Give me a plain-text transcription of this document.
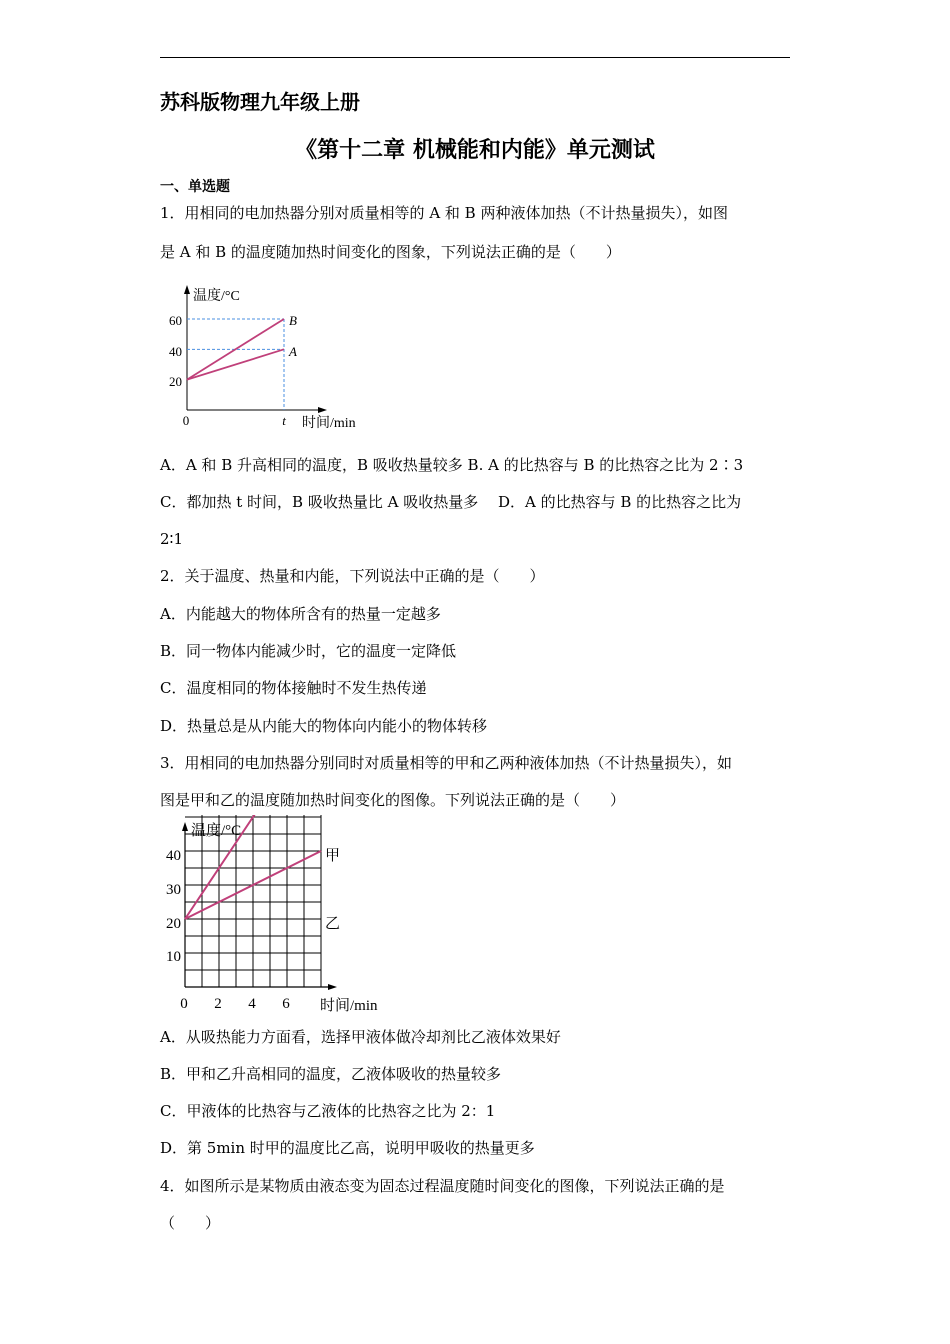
苏科版物理九年级上册
《第十二章 机械能和内能》单元测试
一、单选题
1．用相同的电加热器分别对质量相等的 A 和 B 两种液体加热（不计热量损失），如图
是 A 和 B 的温度随加热时间变化的图象，下列说法正确的是（　　）
温度/°C
时间/min
60
40
20
0	t
B
A
A．A 和 B 升高相同的温度，B 吸收热量较多 B. A 的比热容与 B 的比热容之比为 2∶3
C．都加热 t 时间，B 吸收热量比 A 吸收热量多　 D．A 的比热容与 B 的比热容之比为
2∶1
2．关于温度、热量和内能，下列说法中正确的是（　　）
A．内能越大的物体所含有的热量一定越多
B．同一物体内能减少时，它的温度一定降低
C．温度相同的物体接触时不发生热传递
D．热量总是从内能大的物体向内能小的物体转移
3．用相同的电加热器分别同时对质量相等的甲和乙两种液体加热（不计热量损失），如
图是甲和乙的温度随加热时间变化的图像。下列说法正确的是（　　）
温度/°C
时间/min
40
30
20
10
0 2 4 6
甲
乙
A．从吸热能力方面看，选择甲液体做冷却剂比乙液体效果好
B．甲和乙升高相同的温度，乙液体吸收的热量较多
C．甲液体的比热容与乙液体的比热容之比为 2：1
D．第 5min 时甲的温度比乙高，说明甲吸收的热量更多
4．如图所示是某物质由液态变为固态过程温度随时间变化的图像，下列说法正确的是
（　　）
